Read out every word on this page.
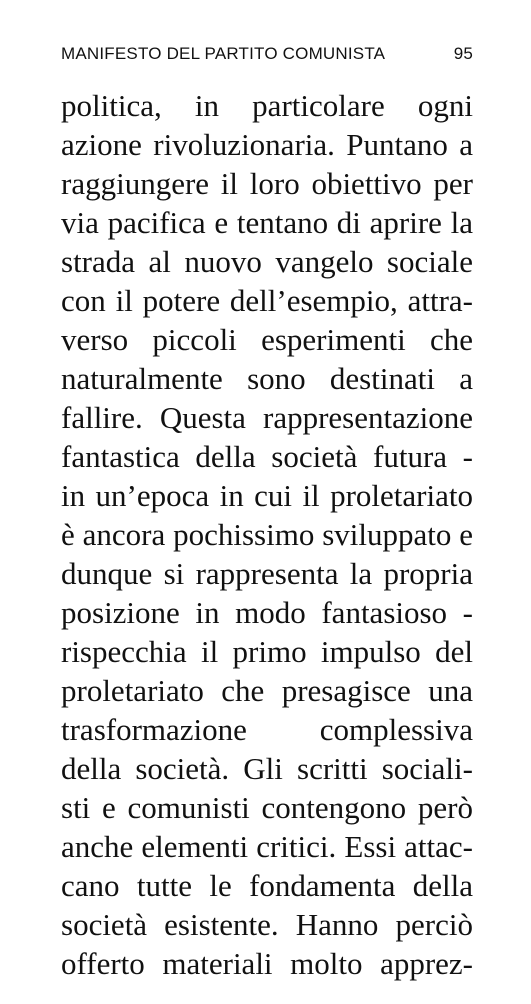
MANIFESTO DEL PARTITO COMUNISTA	95
politica, in particolare ogni
azione rivoluzionaria. Puntano a
raggiungere il loro obiettivo per
via pacifica e tentano di aprire la
strada al nuovo vangelo sociale
con il potere dell’esempio, attra-
verso piccoli esperimenti che
naturalmente sono destinati a
fallire. Questa rappresentazione
fantastica della società futura -
in un’epoca in cui il proletariato
è ancora pochissimo sviluppato e
dunque si rappresenta la propria
posizione in modo fantasioso -
rispecchia il primo impulso del
proletariato che presagisce una
trasformazione complessiva
della società. Gli scritti sociali-
sti e comunisti contengono però
anche elementi critici. Essi attac-
cano tutte le fondamenta della
società esistente. Hanno perciò
offerto materiali molto apprez-
